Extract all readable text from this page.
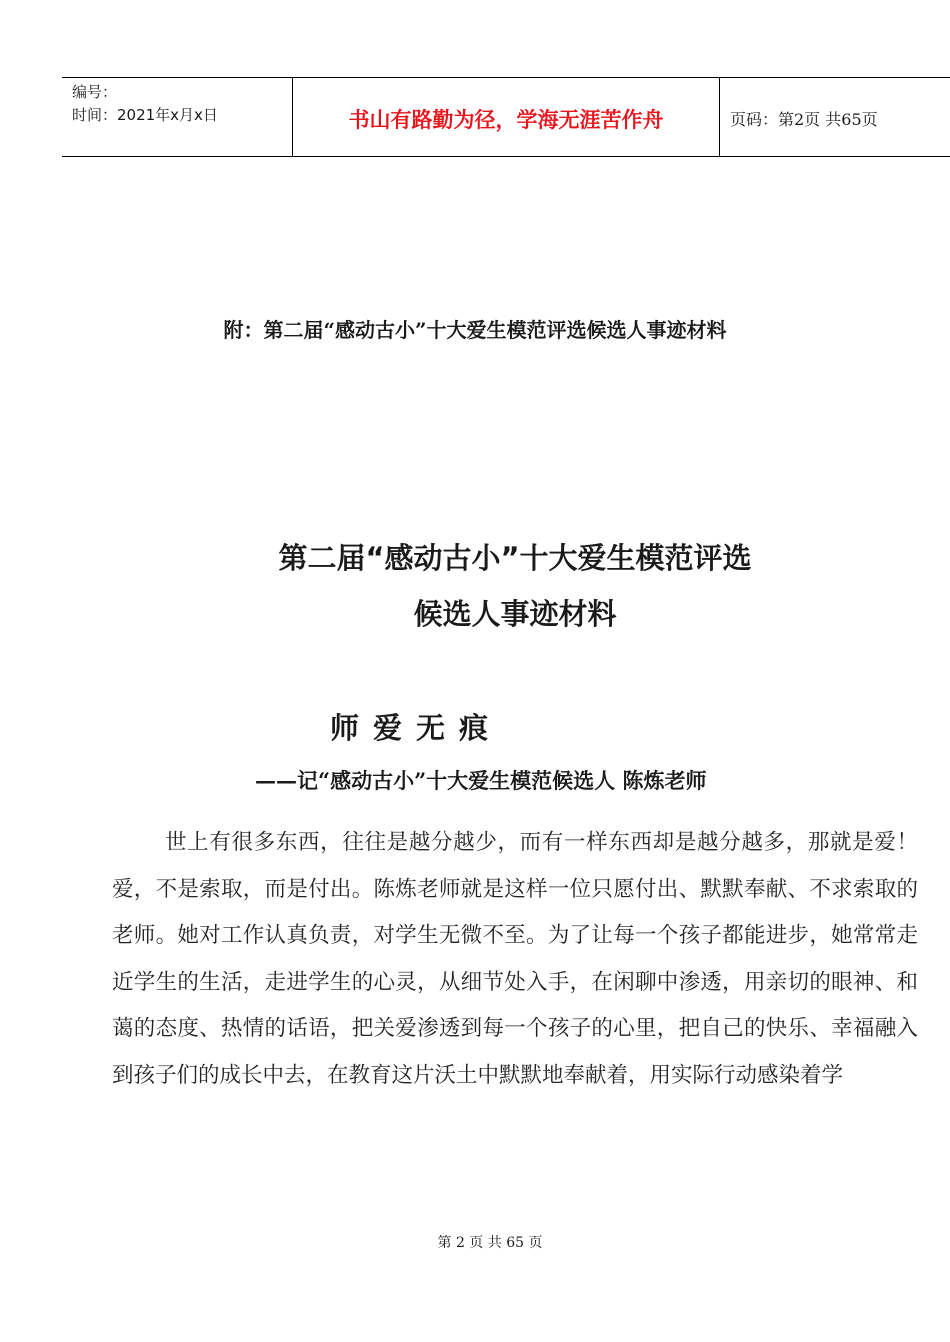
编号：
时间：2021年x月x日	书山有路勤为径，学海无涯苦作舟	页码：第2页 共65页
附：第二届“感动古小”十大爱生模范评选候选人事迹材料
第二届“感动古小”十大爱生模范评选
候选人事迹材料
师爱无痕
——记“感动古小”十大爱生模范候选人 陈炼老师
世上有很多东西，往往是越分越少，而有一样东西却是越分越多，那就是爱！爱，不是索取，而是付出。陈炼老师就是这样一位只愿付出、默默奉献、不求索取的老师。她对工作认真负责，对学生无微不至。为了让每一个孩子都能进步，她常常走近学生的生活，走进学生的心灵，从细节处入手，在闲聊中渗透，用亲切的眼神、和蔼的态度、热情的话语，把关爱渗透到每一个孩子的心里，把自己的快乐、幸福融入到孩子们的成长中去，在教育这片沃土中默默地奉献着，用实际行动感染着学
第 2 页 共 65 页
